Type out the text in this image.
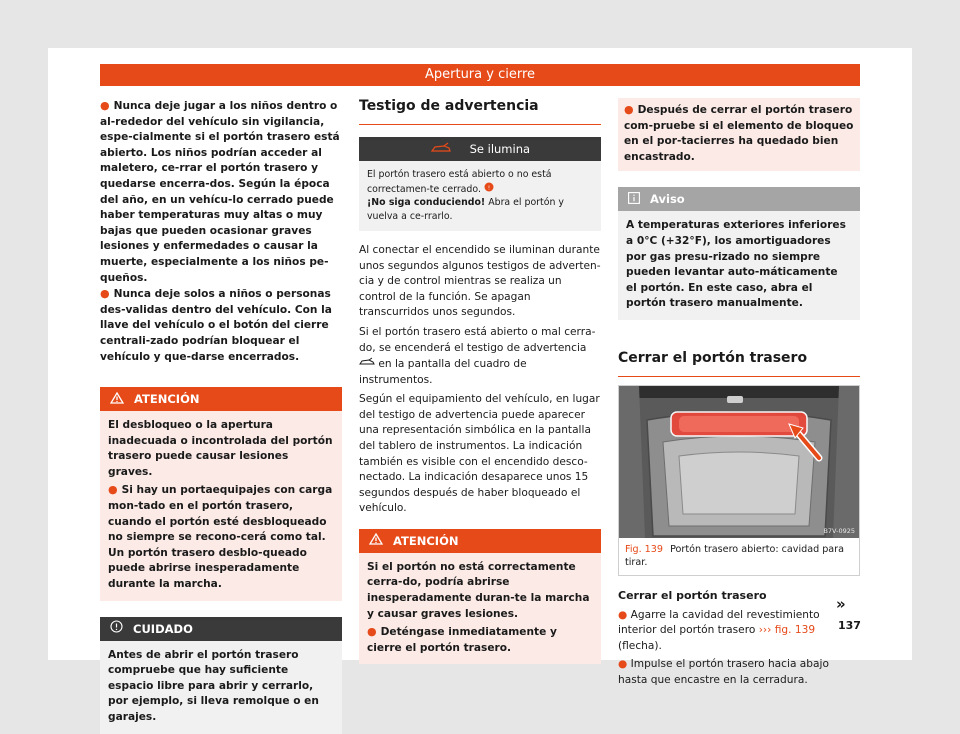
Apertura y cierre
● Nunca deje jugar a los niños dentro o al-rededor del vehículo sin vigilancia, espe-cialmente si el portón trasero está abierto. Los niños podrían acceder al maletero, ce-rrar el portón trasero y quedarse encerra-dos. Según la época del año, en un vehícu-lo cerrado puede haber temperaturas muy altas o muy bajas que pueden ocasionar graves lesiones y enfermedades o causar la muerte, especialmente a los niños pe-queños.
● Nunca deje solos a niños o personas des-validas dentro del vehículo. Con la llave del vehículo o el botón del cierre centrali-zado podrían bloquear el vehículo y que-darse encerrados.
ATENCIÓN
El desbloqueo o la apertura inadecuada o incontrolada del portón trasero puede causar lesiones graves.
● Si hay un portaequipajes con carga mon-tado en el portón trasero, cuando el portón esté desbloqueado no siempre se recono-cerá como tal. Un portón trasero desblo-queado puede abrirse inesperadamente durante la marcha.
CUIDADO
Antes de abrir el portón trasero compruebe que hay suficiente espacio libre para abrir y cerrarlo, por ejemplo, si lleva remolque o en garajes.
Testigo de advertencia
Se ilumina
El portón trasero está abierto o no está correctamen-te cerrado. !

¡No siga conduciendo! Abra el portón y vuelva a ce-rrarlo.
Al conectar el encendido se iluminan durante unos segundos algunos testigos de adverten-cia y de control mientras se realiza un control de la función. Se apagan transcurridos unos segundos.
Si el portón trasero está abierto o mal cerra-do, se encenderá el testigo de advertencia  en la pantalla del cuadro de instrumentos.
Según el equipamiento del vehículo, en lugar del testigo de advertencia puede aparecer una representación simbólica en la pantalla del tablero de instrumentos. La indicación también es visible con el encendido desco-nectado. La indicación desaparece unos 15 segundos después de haber bloqueado el vehículo.
ATENCIÓN
Si el portón no está correctamente cerra-do, podría abrirse inesperadamente duran-te la marcha y causar graves lesiones.
● Deténgase inmediatamente y cierre el portón trasero.
● Después de cerrar el portón trasero com-pruebe si el elemento de bloqueo en el por-tacierres ha quedado bien encastrado.
Aviso
A temperaturas exteriores inferiores a 0°C (+32°F), los amortiguadores por gas presu-rizado no siempre pueden levantar auto-máticamente el portón. En este caso, abra el portón trasero manualmente.
Cerrar el portón trasero
B7V-0925
Fig. 139 Portón trasero abierto: cavidad para tirar.
Cerrar el portón trasero
● Agarre la cavidad del revestimiento interior del portón trasero ››› fig. 139 (flecha).
● Impulse el portón trasero hacia abajo hasta que encastre en la cerradura.
»
137
